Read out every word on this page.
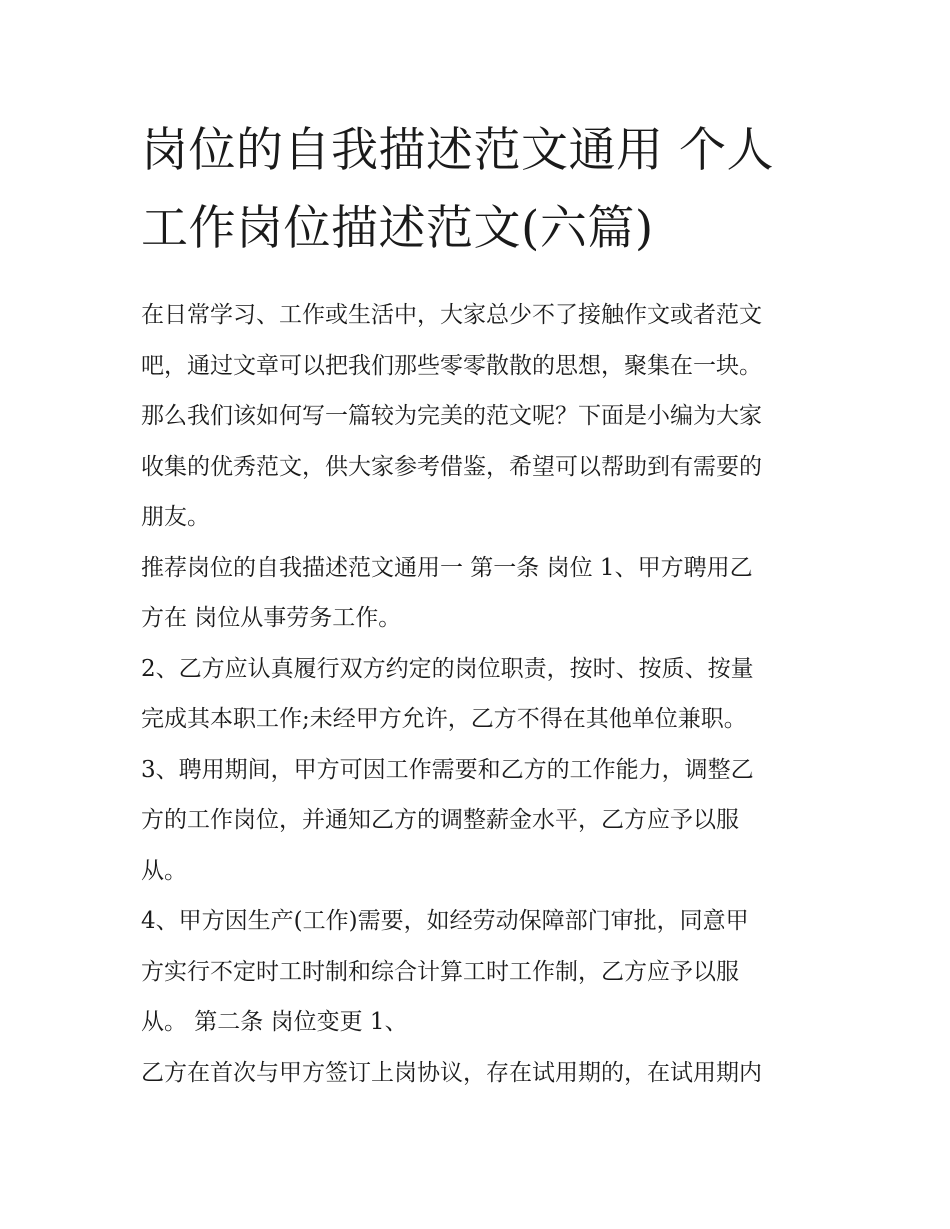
岗位的自我描述范文通用 个人
工作岗位描述范文(六篇)

在日常学习、工作或生活中，大家总少不了接触作文或者范文

吧，通过文章可以把我们那些零零散散的思想，聚集在一块。

那么我们该如何写一篇较为完美的范文呢？下面是小编为大家

收集的优秀范文，供大家参考借鉴，希望可以帮助到有需要的

朋友。

推荐岗位的自我描述范文通用一 第一条 岗位 1、甲方聘用乙

方在 岗位从事劳务工作。

2、乙方应认真履行双方约定的岗位职责，按时、按质、按量

完成其本职工作;未经甲方允许，乙方不得在其他单位兼职。

3、聘用期间，甲方可因工作需要和乙方的工作能力，调整乙

方的工作岗位，并通知乙方的调整薪金水平，乙方应予以服

从。

4、甲方因生产(工作)需要，如经劳动保障部门审批，同意甲

方实行不定时工时制和综合计算工时工作制，乙方应予以服

从。 第二条 岗位变更 1、

乙方在首次与甲方签订上岗协议，存在试用期的，在试用期内
